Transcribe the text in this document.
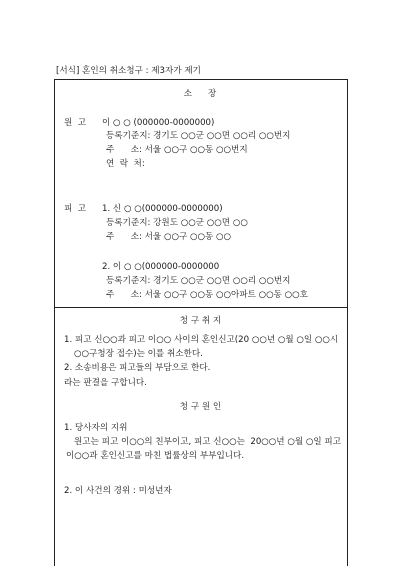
[서식] 혼인의 취소청구 : 제3자가 제기
소    장
원  고 이 ○ ○ (000000-0000000)
등록기준지: 경기도 ○○군 ○○면 ○○리 ○○번지
주      소: 서울 ○○구 ○○동 ○○번지
연  락  처:
피  고 1. 신 ○ ○(000000-0000000)
등록기준지: 강원도 ○○군 ○○면 ○○
주      소: 서울 ○○구 ○○동 ○○
2. 이 ○ ○(000000-0000000
등록기준지: 경기도 ○○군 ○○면 ○○리 ○○번지
주      소: 서울 ○○구 ○○동 ○○아파트 ○○동 ○○호
청 구 취 지
1. 피고 신○○과 피고 이○○ 사이의 혼인신고(20 ○○년 ○월 ○일 ○○시
○○구청장 접수)는 이를 취소한다.
2. 소송비용은 피고들의 부담으로 한다.
라는 판결을 구합니다.
청 구 원 인
1. 당사자의 지위
원고는 피고 이○○의 친부이고, 피고 신○○는  20○○년 ○월 ○일 피고
이○○과 혼인신고를 마친 법률상의 부부입니다.
2. 이 사건의 경위 : 미성년자
